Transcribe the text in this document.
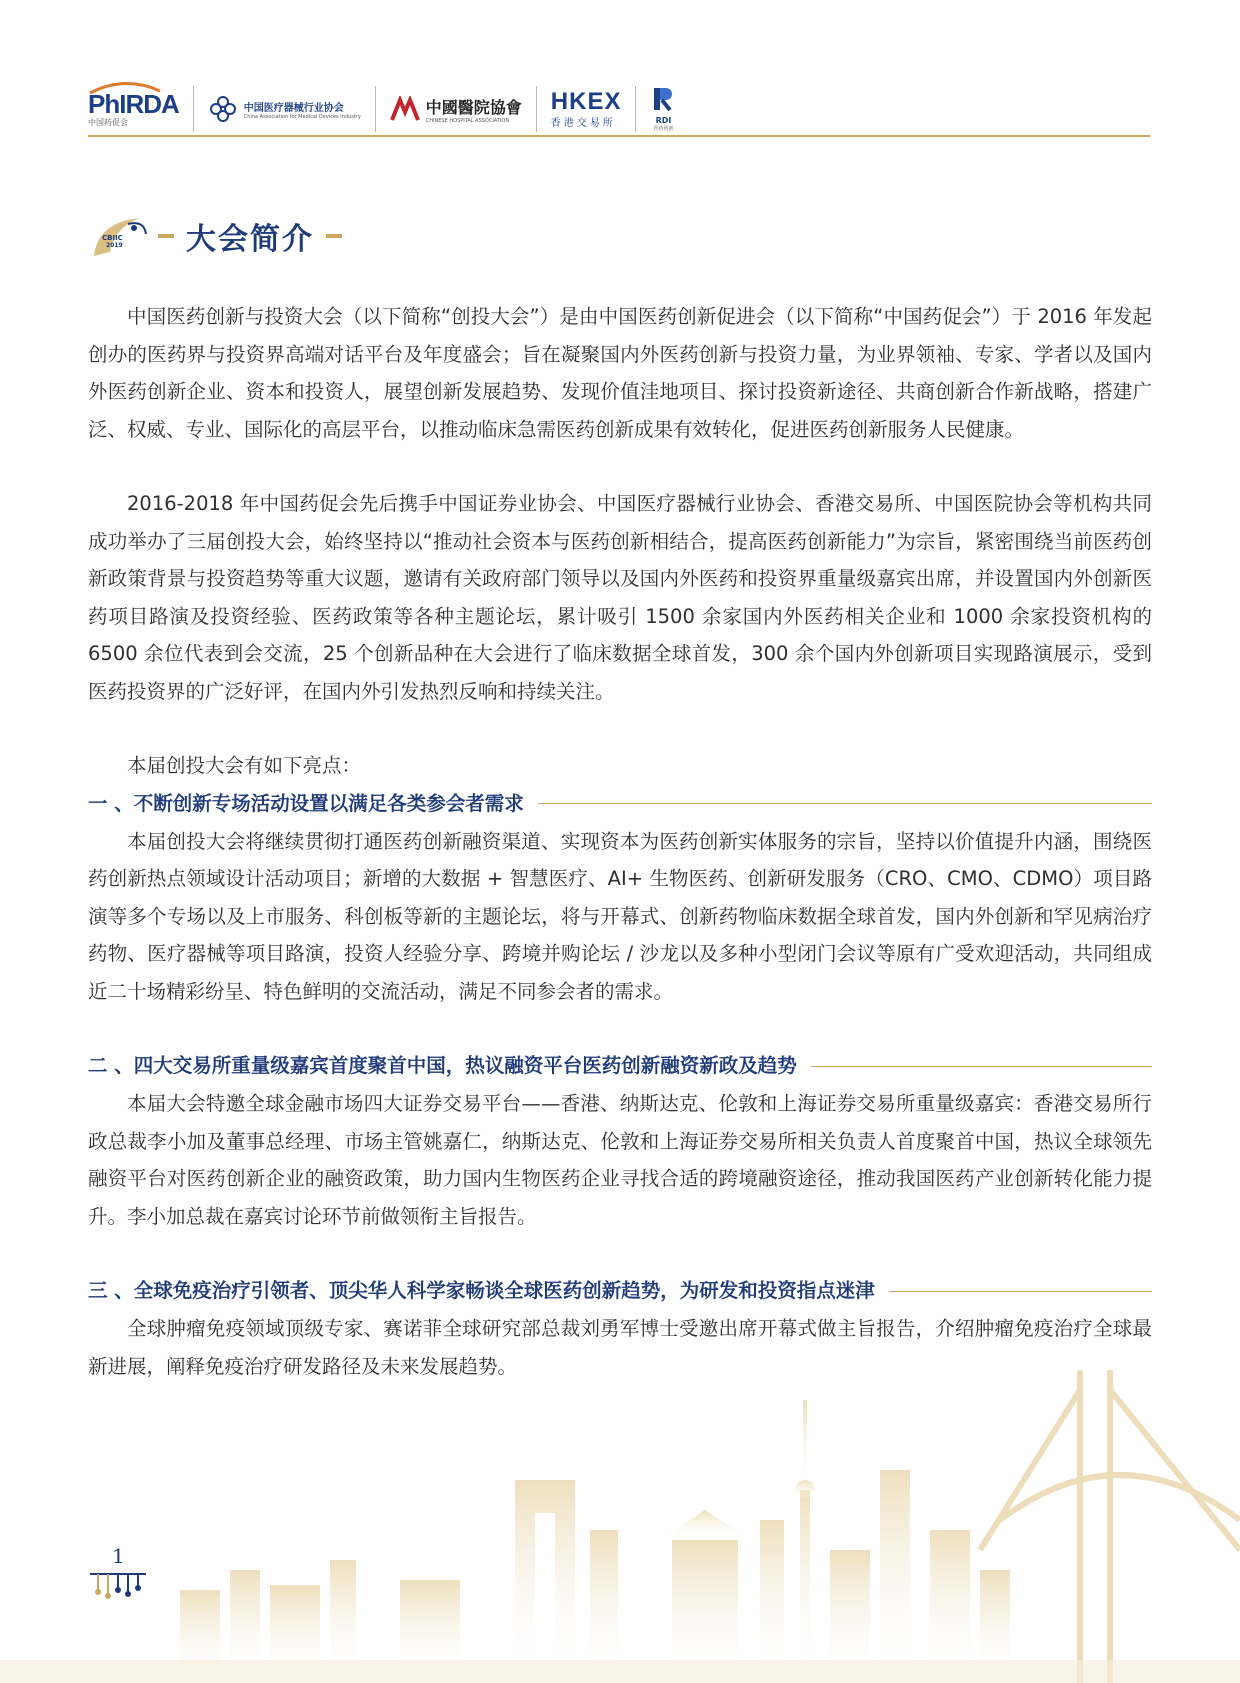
PhIRDA
中国药促会
中国医疗器械行业协会
China Association for Medical Devices Industry	中國醫院協會
CHINESE HOSPITAL ASSOCIATION
HKEX
香港交易所	RDI
医药创新
CBIIC
2019 大会简介

中国医药创新与投资大会（以下简称“创投大会”）是由中国医药创新促进会（以下简称“中国药促会”）于 2016 年发起创办的医药界与投资界高端对话平台及年度盛会；旨在凝聚国内外医药创新与投资力量，为业界领袖、专家、学者以及国内外医药创新企业、资本和投资人，展望创新发展趋势、发现价值洼地项目、探讨投资新途径、共商创新合作新战略，搭建广泛、权威、专业、国际化的高层平台，以推动临床急需医药创新成果有效转化，促进医药创新服务人民健康。

2016-2018 年中国药促会先后携手中国证券业协会、中国医疗器械行业协会、香港交易所、中国医院协会等机构共同成功举办了三届创投大会，始终坚持以“推动社会资本与医药创新相结合，提高医药创新能力”为宗旨，紧密围绕当前医药创新政策背景与投资趋势等重大议题，邀请有关政府部门领导以及国内外医药和投资界重量级嘉宾出席，并设置国内外创新医药项目路演及投资经验、医药政策等各种主题论坛，累计吸引 1500 余家国内外医药相关企业和 1000 余家投资机构的 6500 余位代表到会交流，25 个创新品种在大会进行了临床数据全球首发，300 余个国内外创新项目实现路演展示，受到医药投资界的广泛好评，在国内外引发热烈反响和持续关注。

本届创投大会有如下亮点：

一 、不断创新专场活动设置以满足各类参会者需求

本届创投大会将继续贯彻打通医药创新融资渠道、实现资本为医药创新实体服务的宗旨，坚持以价值提升内涵，围绕医药创新热点领域设计活动项目；新增的大数据 + 智慧医疗、AI+ 生物医药、创新研发服务（CRO、CMO、CDMO）项目路演等多个专场以及上市服务、科创板等新的主题论坛，将与开幕式、创新药物临床数据全球首发，国内外创新和罕见病治疗药物、医疗器械等项目路演，投资人经验分享、跨境并购论坛 / 沙龙以及多种小型闭门会议等原有广受欢迎活动，共同组成近二十场精彩纷呈、特色鲜明的交流活动，满足不同参会者的需求。

二 、四大交易所重量级嘉宾首度聚首中国，热议融资平台医药创新融资新政及趋势

本届大会特邀全球金融市场四大证券交易平台——香港、纳斯达克、伦敦和上海证券交易所重量级嘉宾：香港交易所行政总裁李小加及董事总经理、市场主管姚嘉仁，纳斯达克、伦敦和上海证券交易所相关负责人首度聚首中国，热议全球领先融资平台对医药创新企业的融资政策，助力国内生物医药企业寻找合适的跨境融资途径，推动我国医药产业创新转化能力提升。李小加总裁在嘉宾讨论环节前做领衔主旨报告。

三 、全球免疫治疗引领者、顶尖华人科学家畅谈全球医药创新趋势，为研发和投资指点迷津

全球肿瘤免疫领域顶级专家、赛诺菲全球研究部总裁刘勇军博士受邀出席开幕式做主旨报告，介绍肿瘤免疫治疗全球最新进展，阐释免疫治疗研发路径及未来发展趋势。

1
